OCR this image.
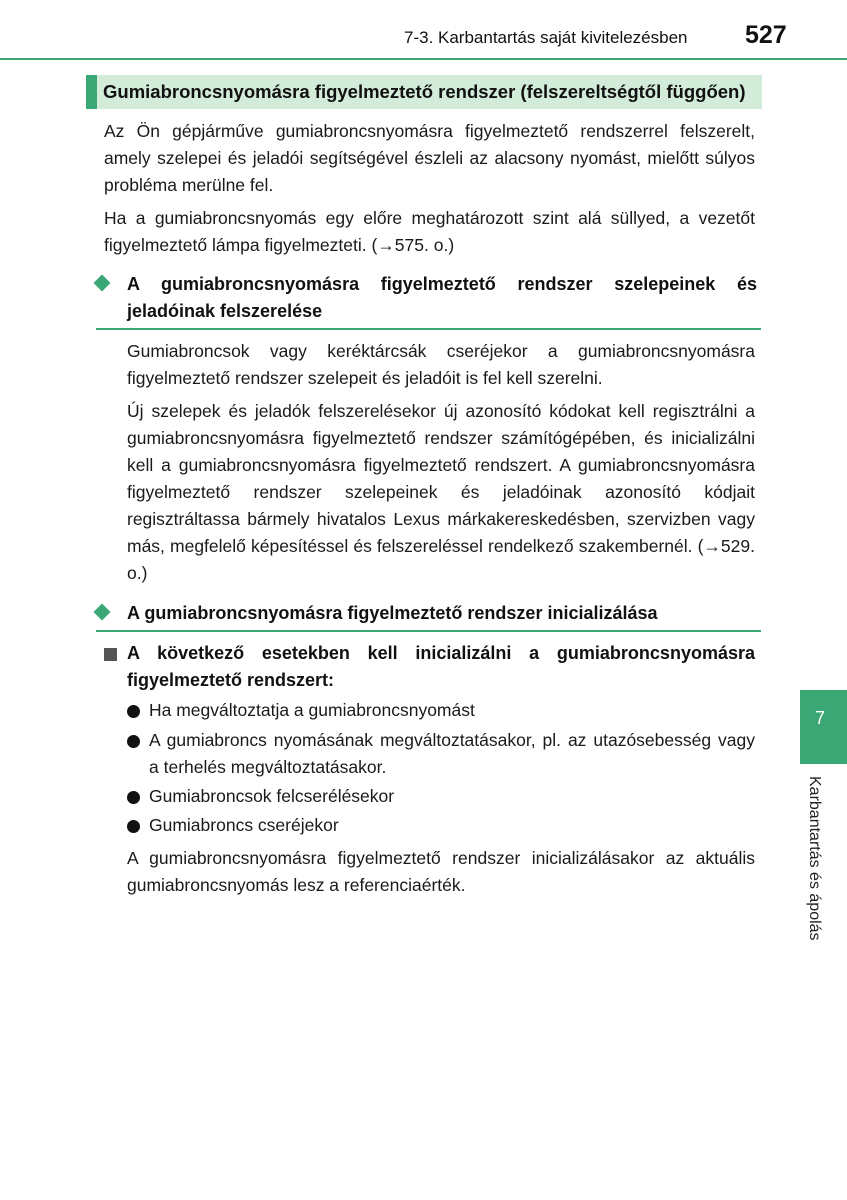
7-3. Karbantartás saját kivitelezésben 527
Gumiabroncsnyomásra figyelmeztető rendszer (felszereltségtől függően)

Az Ön gépjárműve gumiabroncsnyomásra figyelmeztető rendszerrel felszerelt, amely szelepei és jeladói segítségével észleli az alacsony nyomást, mielőtt súlyos probléma merülne fel.

Ha a gumiabroncsnyomás egy előre meghatározott szint alá süllyed, a vezetőt figyelmeztető lámpa figyelmezteti. (→575. o.)

A gumiabroncsnyomásra figyelmeztető rendszer szelepeinek és jeladóinak felszerelése

Gumiabroncsok vagy keréktárcsák cseréjekor a gumiabroncsnyomásra figyelmeztető rendszer szelepeit és jeladóit is fel kell szerelni.

Új szelepek és jeladók felszerelésekor új azonosító kódokat kell regisztrálni a gumiabroncsnyomásra figyelmeztető rendszer számítógépében, és inicializálni kell a gumiabroncsnyomásra figyelmeztető rendszert. A gumiabroncsnyomásra figyelmeztető rendszer szelepeinek és jeladóinak azonosító kódjait regisztráltassa bármely hivatalos Lexus márkakereskedésben, szervizben vagy más, megfelelő képesítéssel és felszereléssel rendelkező szakembernél. (→529. o.)

A gumiabroncsnyomásra figyelmeztető rendszer inicializálása
A következő esetekben kell inicializálni a gumiabroncsnyomásra figyelmeztető rendszert:
Ha megváltoztatja a gumiabroncsnyomást
A gumiabroncs nyomásának megváltoztatásakor, pl. az utazósebesség vagy a terhelés megváltoztatásakor.
Gumiabroncsok felcserélésekor
Gumiabroncs cseréjekor

A gumiabroncsnyomásra figyelmeztető rendszer inicializálásakor az aktuális gumiabroncsnyomás lesz a referenciaérték.

7
Karbantartás és ápolás
